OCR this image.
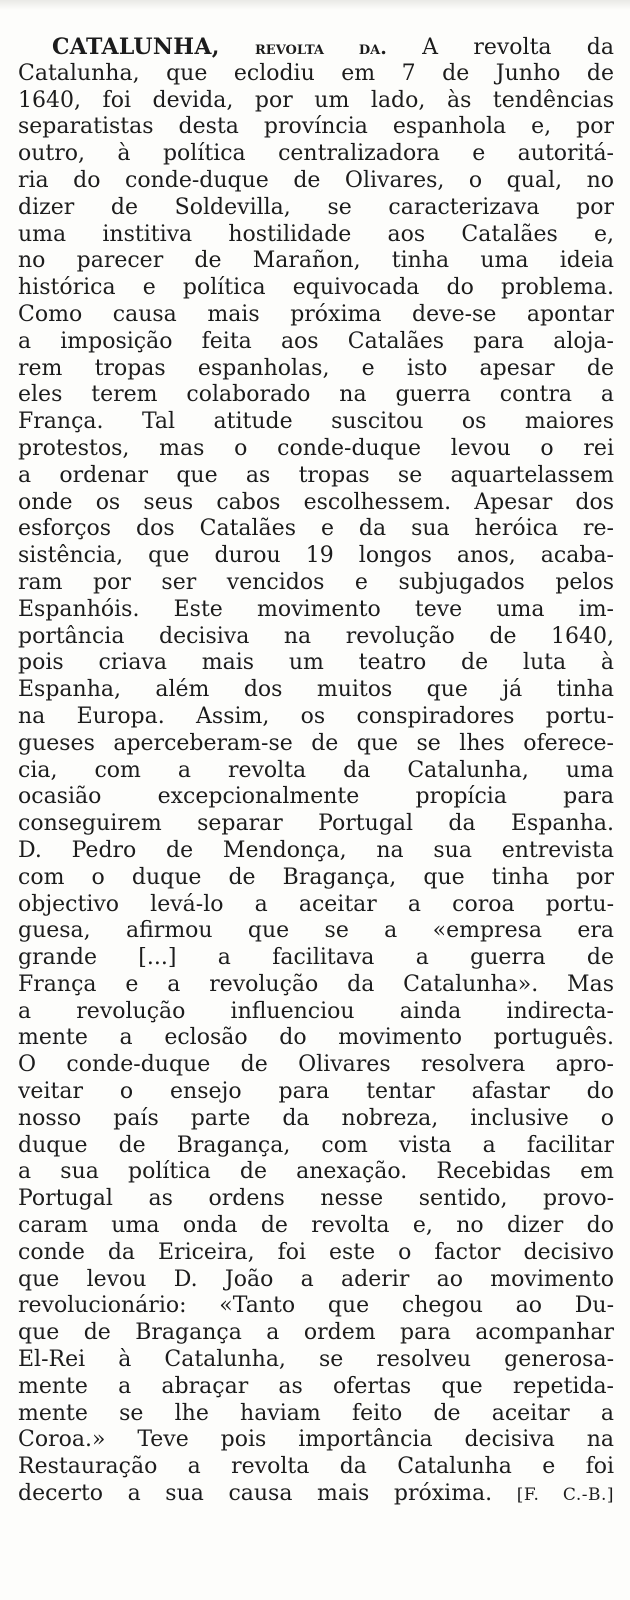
CATALUNHA, revolta da. A revolta da
Catalunha, que eclodiu em 7 de Junho de
1640, foi devida, por um lado, às tendências
separatistas desta província espanhola e, por
outro, à política centralizadora e autoritá-
ria do conde-duque de Olivares, o qual, no
dizer de Soldevilla, se caracterizava por
uma institiva hostilidade aos Catalães e,
no parecer de Marañon, tinha uma ideia
histórica e política equivocada do problema.
Como causa mais próxima deve-se apontar
a imposição feita aos Catalães para aloja-
rem tropas espanholas, e isto apesar de
eles terem colaborado na guerra contra a
França. Tal atitude suscitou os maiores
protestos, mas o conde-duque levou o rei
a ordenar que as tropas se aquartelassem
onde os seus cabos escolhessem. Apesar dos
esforços dos Catalães e da sua heróica re-
sistência, que durou 19 longos anos, acaba-
ram por ser vencidos e subjugados pelos
Espanhóis. Este movimento teve uma im-
portância decisiva na revolução de 1640,
pois criava mais um teatro de luta à
Espanha, além dos muitos que já tinha
na Europa. Assim, os conspiradores portu-
gueses aperceberam-se de que se lhes oferece-
cia, com a revolta da Catalunha, uma
ocasião excepcionalmente propícia para
conseguirem separar Portugal da Espanha.
D. Pedro de Mendonça, na sua entrevista
com o duque de Bragança, que tinha por
objectivo levá-lo a aceitar a coroa portu-
guesa, afirmou que se a «empresa era
grande [...] a facilitava a guerra de
França e a revolução da Catalunha». Mas
a revolução influenciou ainda indirecta-
mente a eclosão do movimento português.
O conde-duque de Olivares resolvera apro-
veitar o ensejo para tentar afastar do
nosso país parte da nobreza, inclusive o
duque de Bragança, com vista a facilitar
a sua política de anexação. Recebidas em
Portugal as ordens nesse sentido, provo-
caram uma onda de revolta e, no dizer do
conde da Ericeira, foi este o factor decisivo
que levou D. João a aderir ao movimento
revolucionário: «Tanto que chegou ao Du-
que de Bragança a ordem para acompanhar
El-Rei à Catalunha, se resolveu generosa-
mente a abraçar as ofertas que repetida-
mente se lhe haviam feito de aceitar a
Coroa.» Teve pois importância decisiva na
Restauração a revolta da Catalunha e foi
decerto a sua causa mais próxima. [F. C.-B.]
